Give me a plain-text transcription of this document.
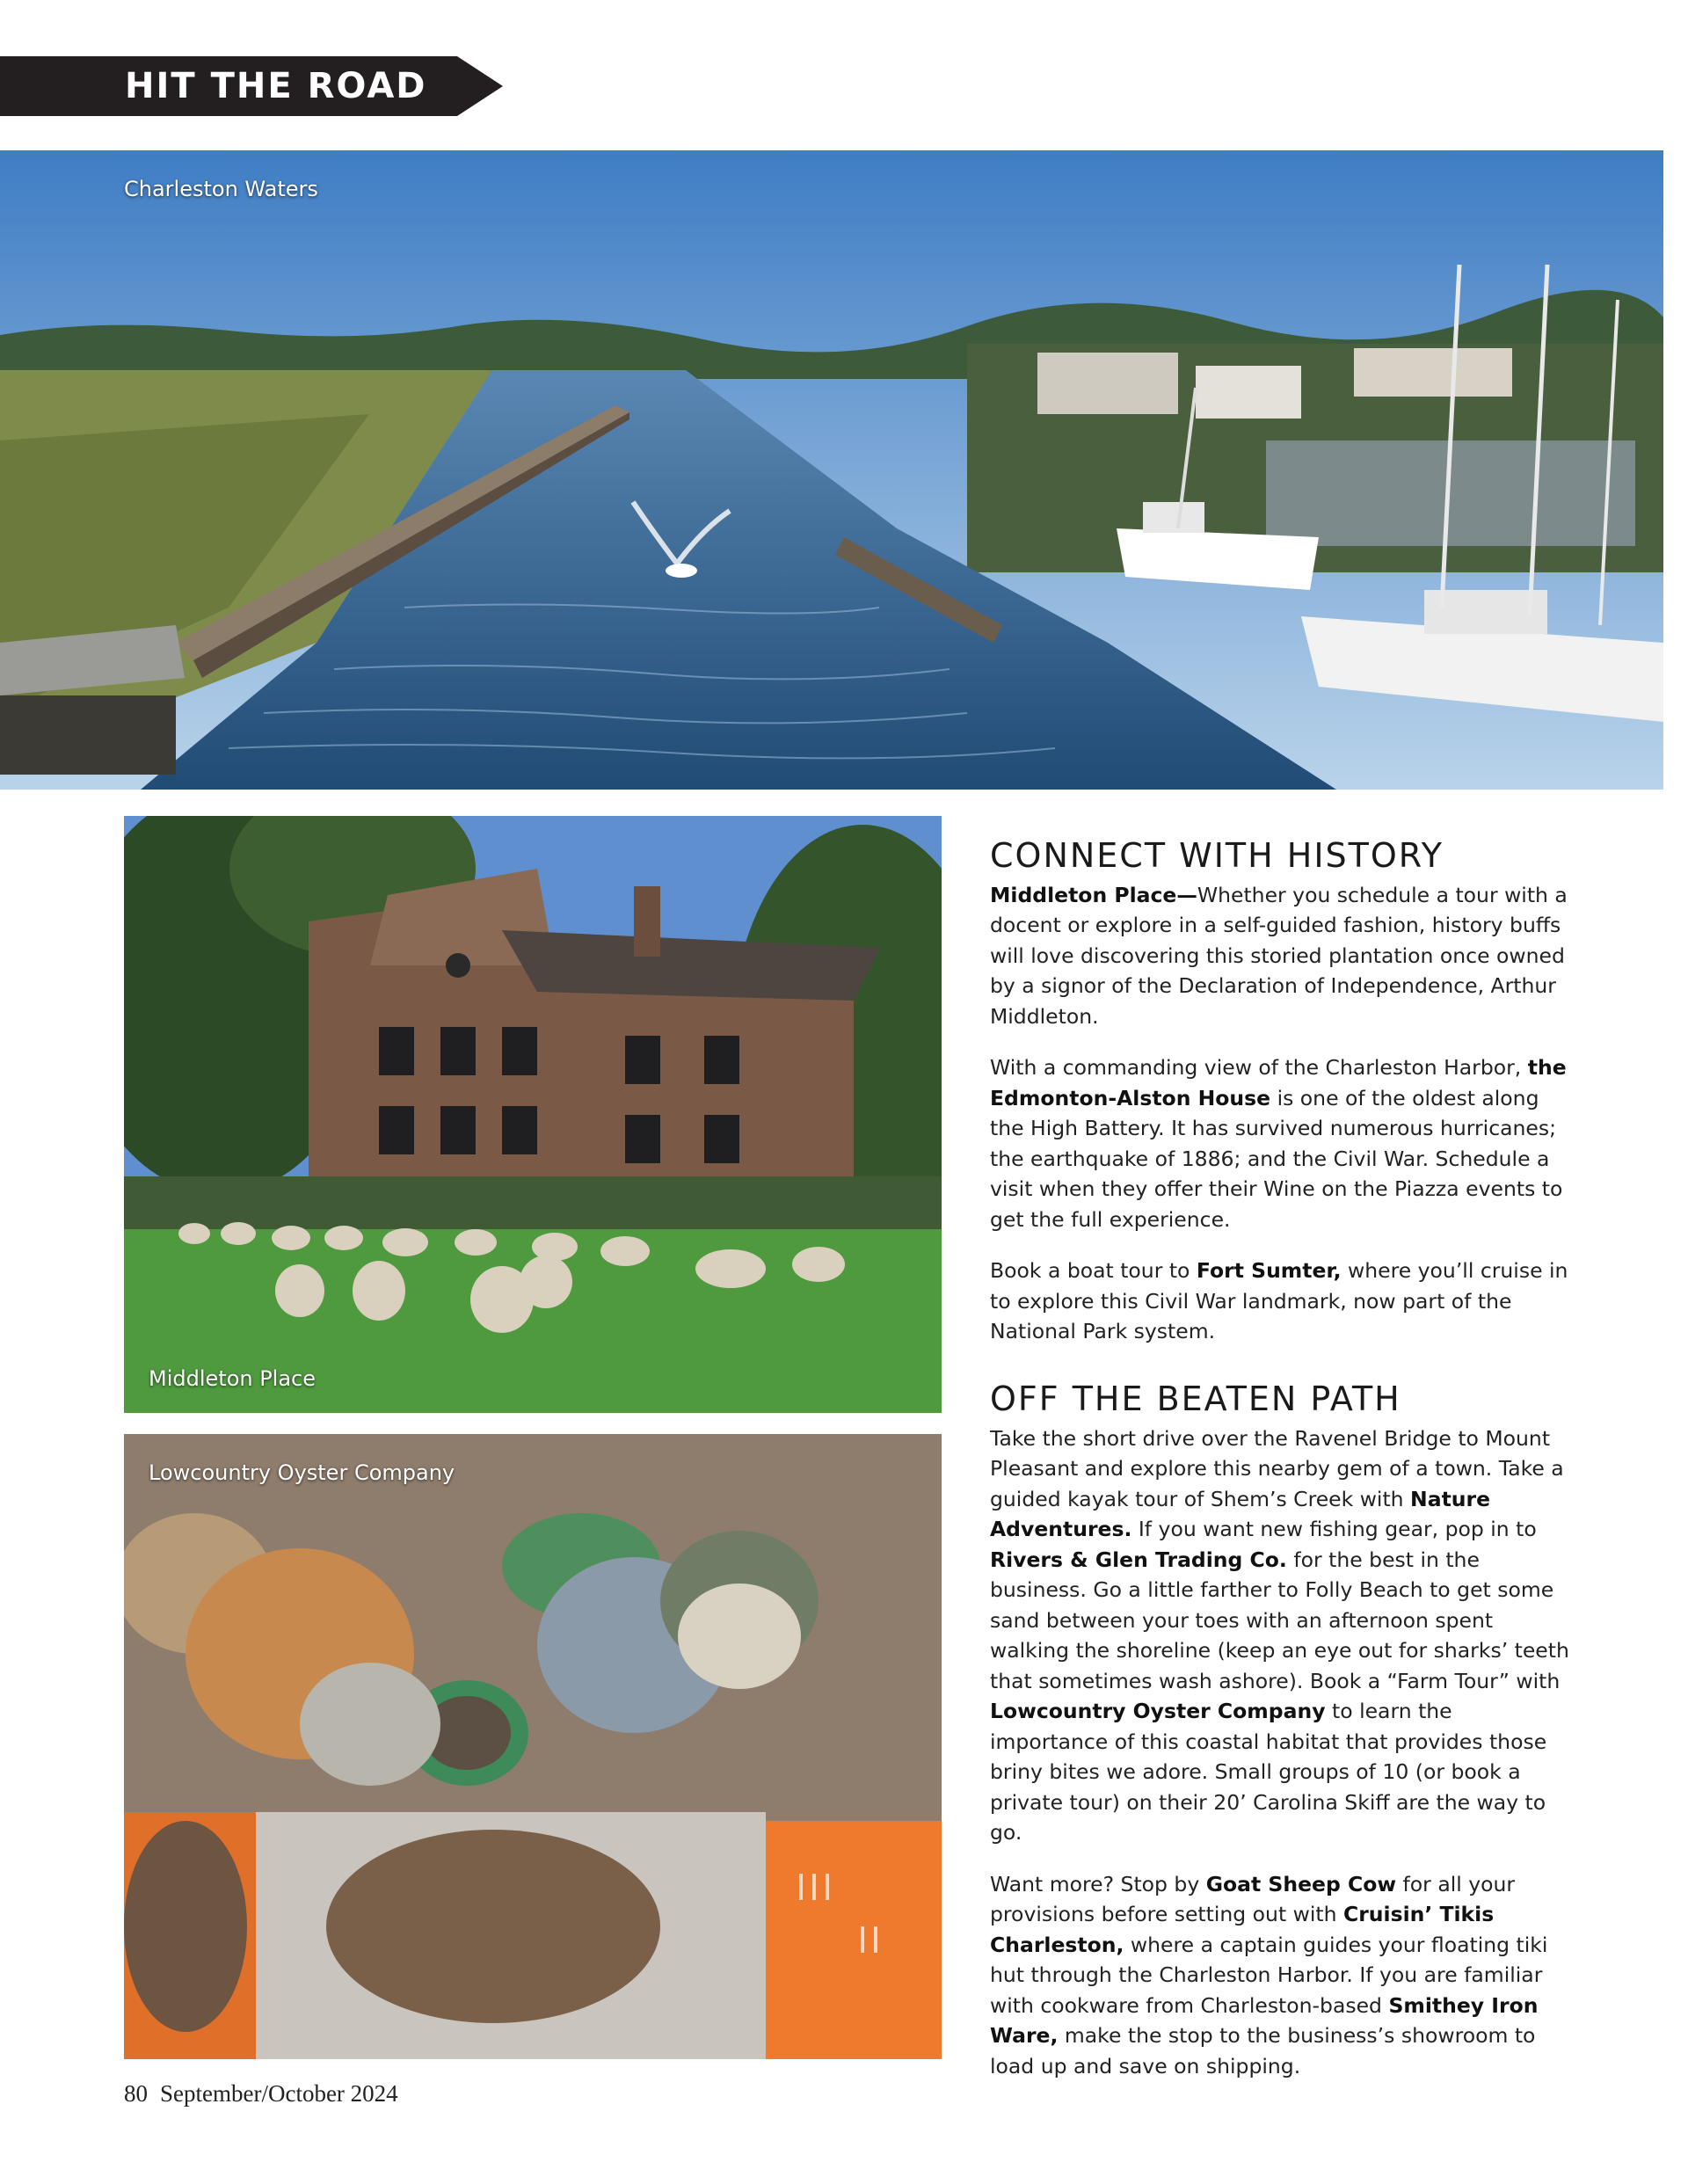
HIT THE ROAD
Charleston Waters
Middleton Place
Lowcountry Oyster Company
CONNECT WITH HISTORY

Middleton Place—Whether you schedule a tour with a docent or explore in a self-guided fashion, history buffs will love discovering this storied plantation once owned by a signor of the Declaration of Independence, Arthur Middleton.

With a commanding view of the Charleston Harbor, the Edmonton-Alston House is one of the oldest along the High Battery. It has survived numerous hurricanes; the earthquake of 1886; and the Civil War. Schedule a visit when they offer their Wine on the Piazza events to get the full experience.

Book a boat tour to Fort Sumter, where you’ll cruise in to explore this Civil War landmark, now part of the National Park system.

OFF THE BEATEN PATH

Take the short drive over the Ravenel Bridge to Mount Pleasant and explore this nearby gem of a town. Take a guided kayak tour of Shem’s Creek with Nature Adventures. If you want new fishing gear, pop in to Rivers & Glen Trading Co. for the best in the business. Go a little farther to Folly Beach to get some sand between your toes with an afternoon spent walking the shoreline (keep an eye out for sharks’ teeth that sometimes wash ashore). Book a “Farm Tour” with Lowcountry Oyster Company to learn the importance of this coastal habitat that provides those briny bites we adore. Small groups of 10 (or book a private tour) on their 20’ Carolina Skiff are the way to go.

Want more? Stop by Goat Sheep Cow for all your provisions before setting out with Cruisin’ Tikis Charleston, where a captain guides your floating tiki hut through the Charleston Harbor. If you are familiar with cookware from Charleston-based Smithey Iron Ware, make the stop to the business’s showroom to load up and save on shipping.

80 September/October 2024
